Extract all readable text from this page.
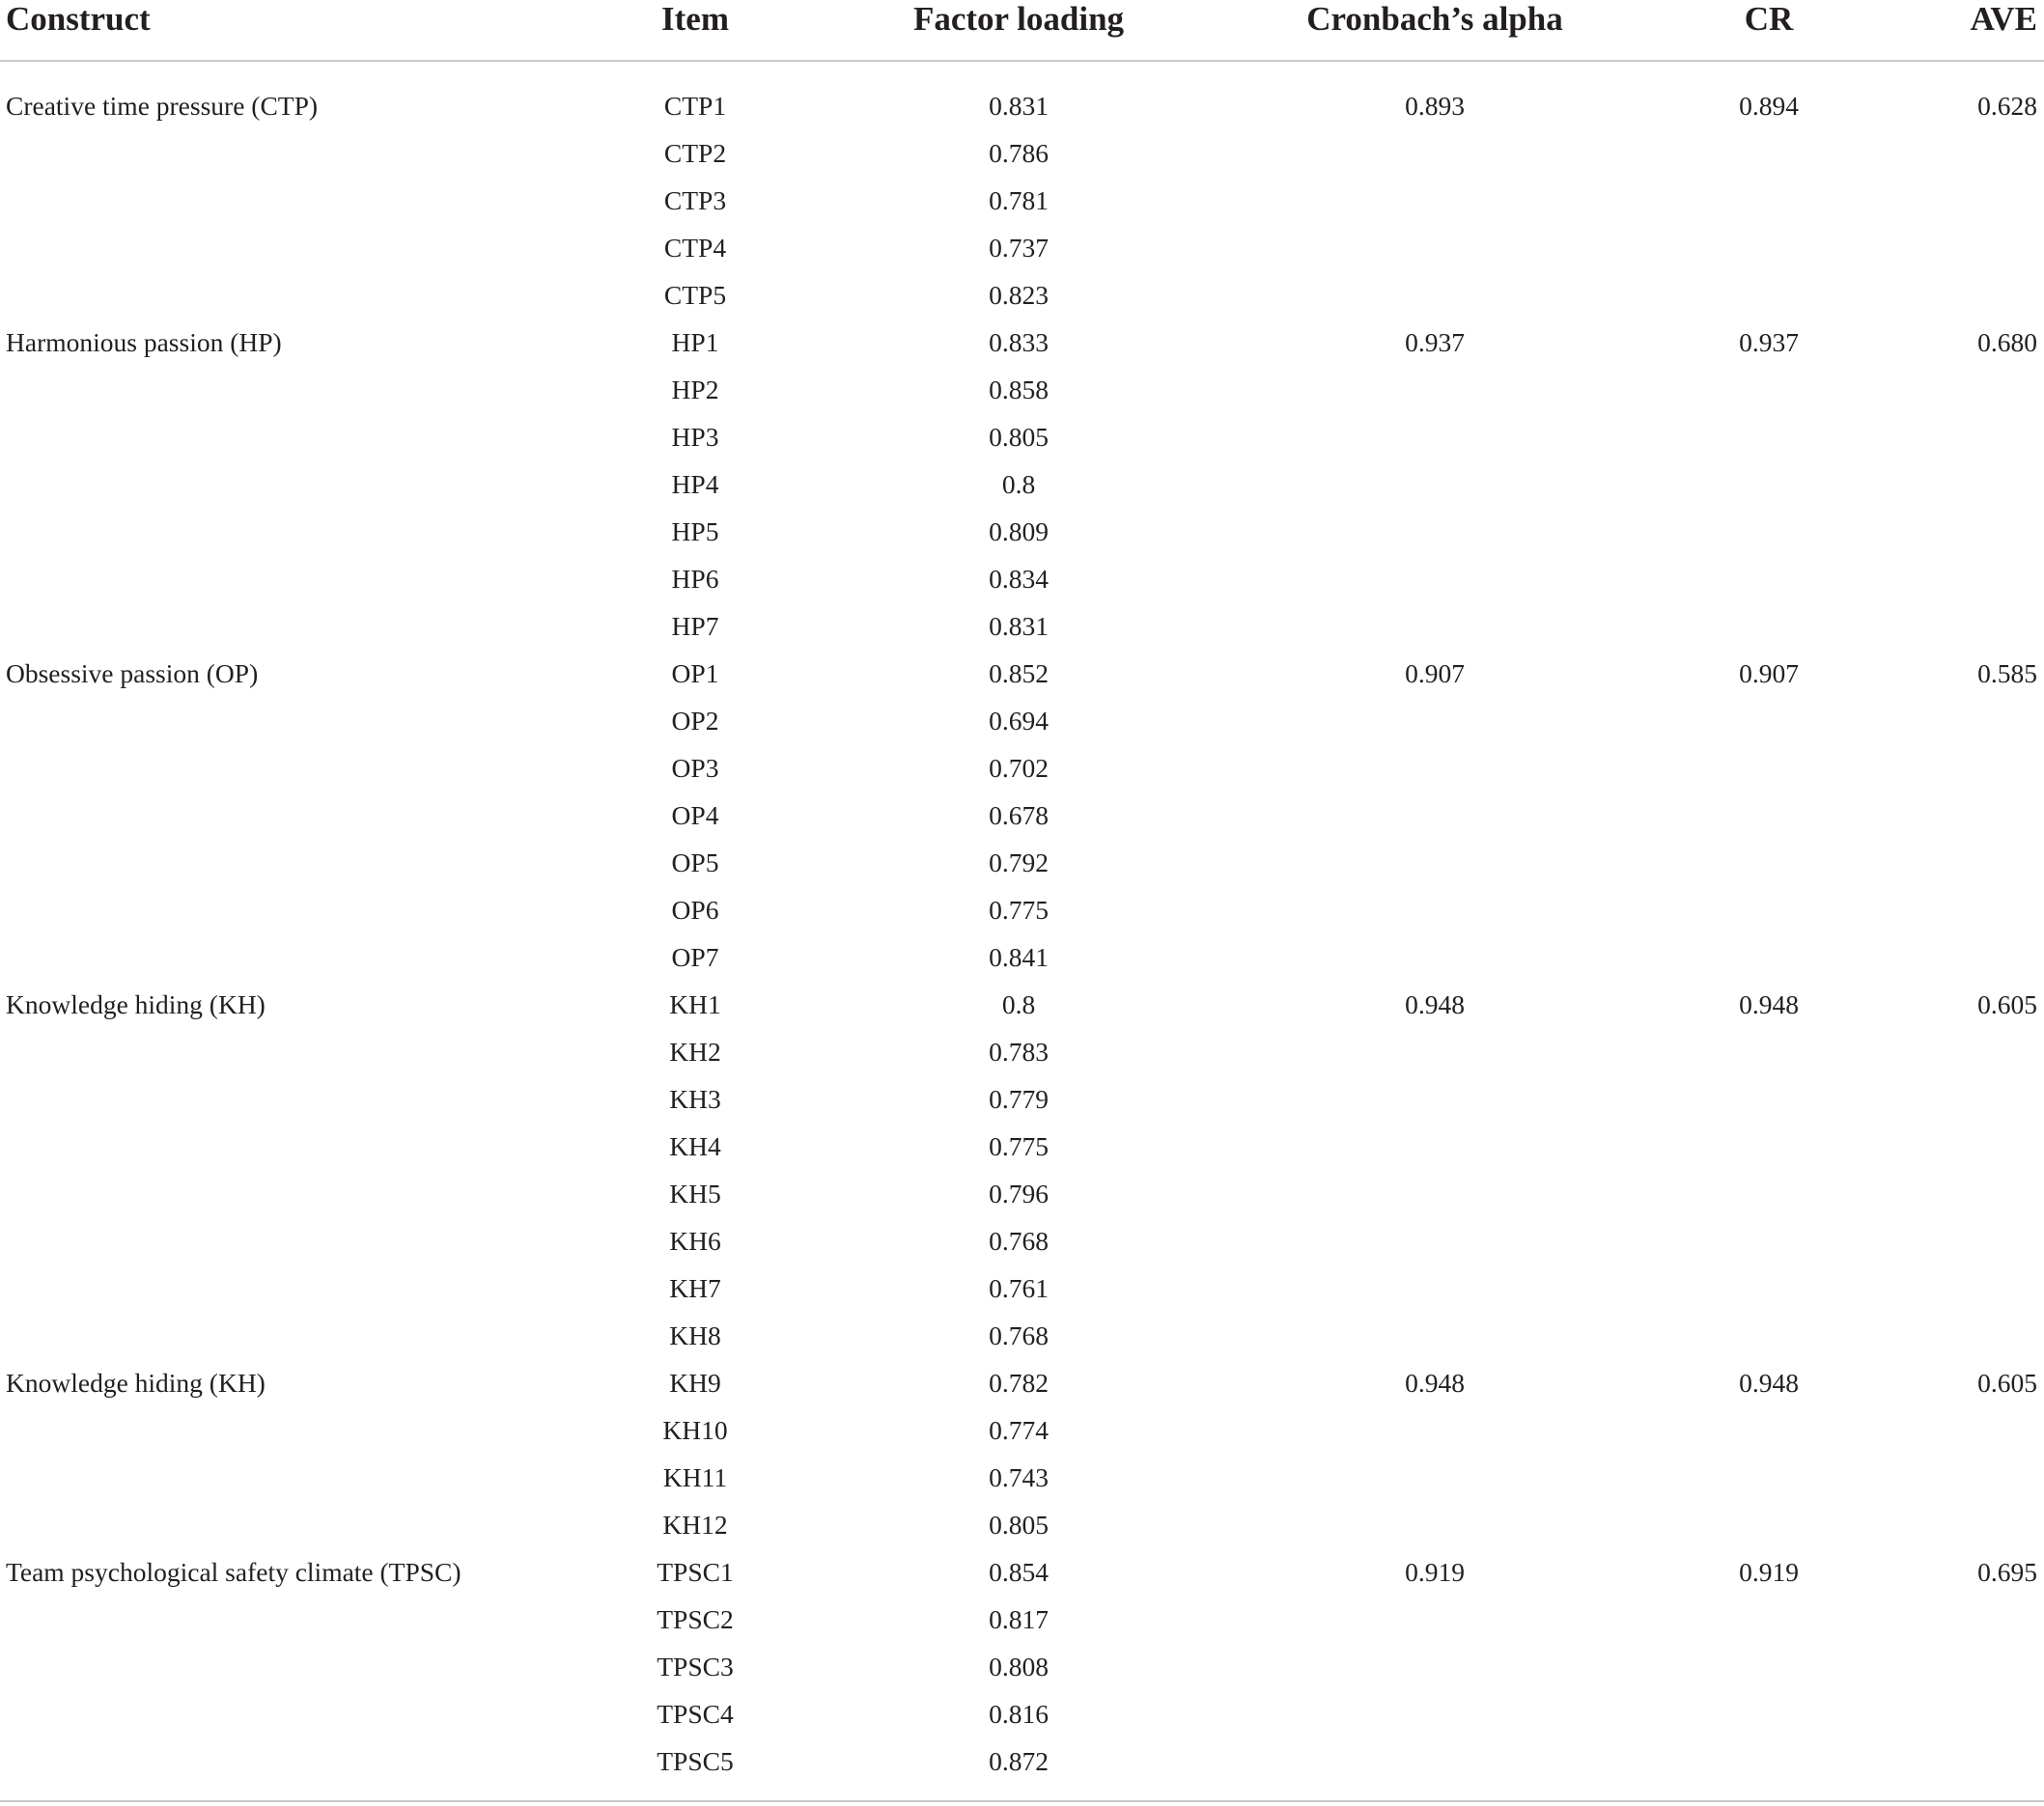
Construct	Item	Factor loading	Cronbach’s alpha	CR	AVE
Creative time pressure (CTP)	CTP1	0.831	0.893	0.894	0.628
CTP2	0.786
CTP3	0.781
CTP4	0.737
CTP5	0.823
Harmonious passion (HP)	HP1	0.833	0.937	0.937	0.680
HP2	0.858
HP3	0.805
HP4	0.8
HP5	0.809
HP6	0.834
HP7	0.831
Obsessive passion (OP)	OP1	0.852	0.907	0.907	0.585
OP2	0.694
OP3	0.702
OP4	0.678
OP5	0.792
OP6	0.775
OP7	0.841
Knowledge hiding (KH)	KH1	0.8	0.948	0.948	0.605
KH2	0.783
KH3	0.779
KH4	0.775
KH5	0.796
KH6	0.768
KH7	0.761
KH8	0.768
Knowledge hiding (KH)	KH9	0.782	0.948	0.948	0.605
KH10	0.774
KH11	0.743
KH12	0.805
Team psychological safety climate (TPSC)	TPSC1	0.854	0.919	0.919	0.695
TPSC2	0.817
TPSC3	0.808
TPSC4	0.816
TPSC5	0.872
